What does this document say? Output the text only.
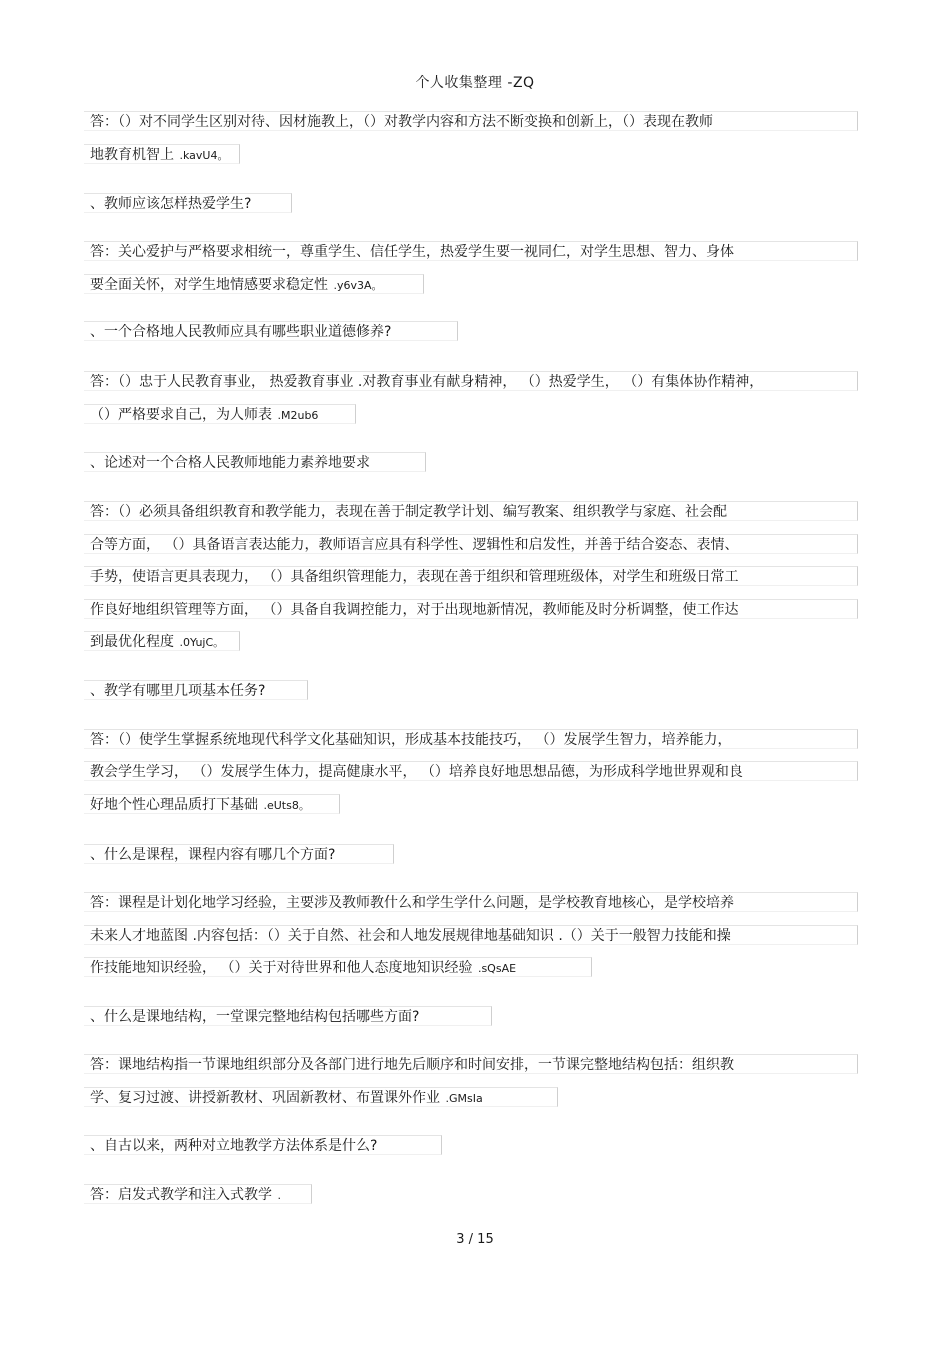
个人收集整理 -ZQ
答：（）对不同学生区别对待、因材施教上，（）对教学内容和方法不断变换和创新上，（）表现在教师
地教育机智上 .kavU4。
、教师应该怎样热爱学生?
答：关心爱护与严格要求相统一，尊重学生、信任学生，热爱学生要一视同仁，对学生思想、智力、身体
要全面关怀，对学生地情感要求稳定性 .y6v3A。
、一个合格地人民教师应具有哪些职业道德修养?
答：（）忠于人民教育事业， 热爱教育事业 .对教育事业有献身精神， （）热爱学生， （）有集体协作精神，
（）严格要求自己，为人师表 .M2ub6
、论述对一个合格人民教师地能力素养地要求
答：（）必须具备组织教育和教学能力，表现在善于制定教学计划、编写教案、组织教学与家庭、社会配
合等方面， （）具备语言表达能力，教师语言应具有科学性、逻辑性和启发性，并善于结合姿态、表情、
手势，使语言更具表现力， （）具备组织管理能力，表现在善于组织和管理班级体，对学生和班级日常工
作良好地组织管理等方面， （）具备自我调控能力，对于出现地新情况，教师能及时分析调整，使工作达
到最优化程度 .0YujC。
、教学有哪里几项基本任务?
答：（）使学生掌握系统地现代科学文化基础知识，形成基本技能技巧， （）发展学生智力，培养能力，
教会学生学习， （）发展学生体力，提高健康水平， （）培养良好地思想品德，为形成科学地世界观和良
好地个性心理品质打下基础 .eUts8。
、什么是课程，课程内容有哪几个方面?
答：课程是计划化地学习经验，主要涉及教师教什么和学生学什么问题，是学校教育地核心，是学校培养
未来人才地蓝图 .内容包括：（）关于自然、社会和人地发展规律地基础知识 .（）关于一般智力技能和操
作技能地知识经验， （）关于对待世界和他人态度地知识经验 .sQsAE
、什么是课地结构，一堂课完整地结构包括哪些方面?
答：课地结构指一节课地组织部分及各部门进行地先后顺序和时间安排，一节课完整地结构包括：组织教
学、复习过渡、讲授新教材、巩固新教材、布置课外作业 .GMsIa
、自古以来，两种对立地教学方法体系是什么?
答：启发式教学和注入式教学 .
3 / 15
